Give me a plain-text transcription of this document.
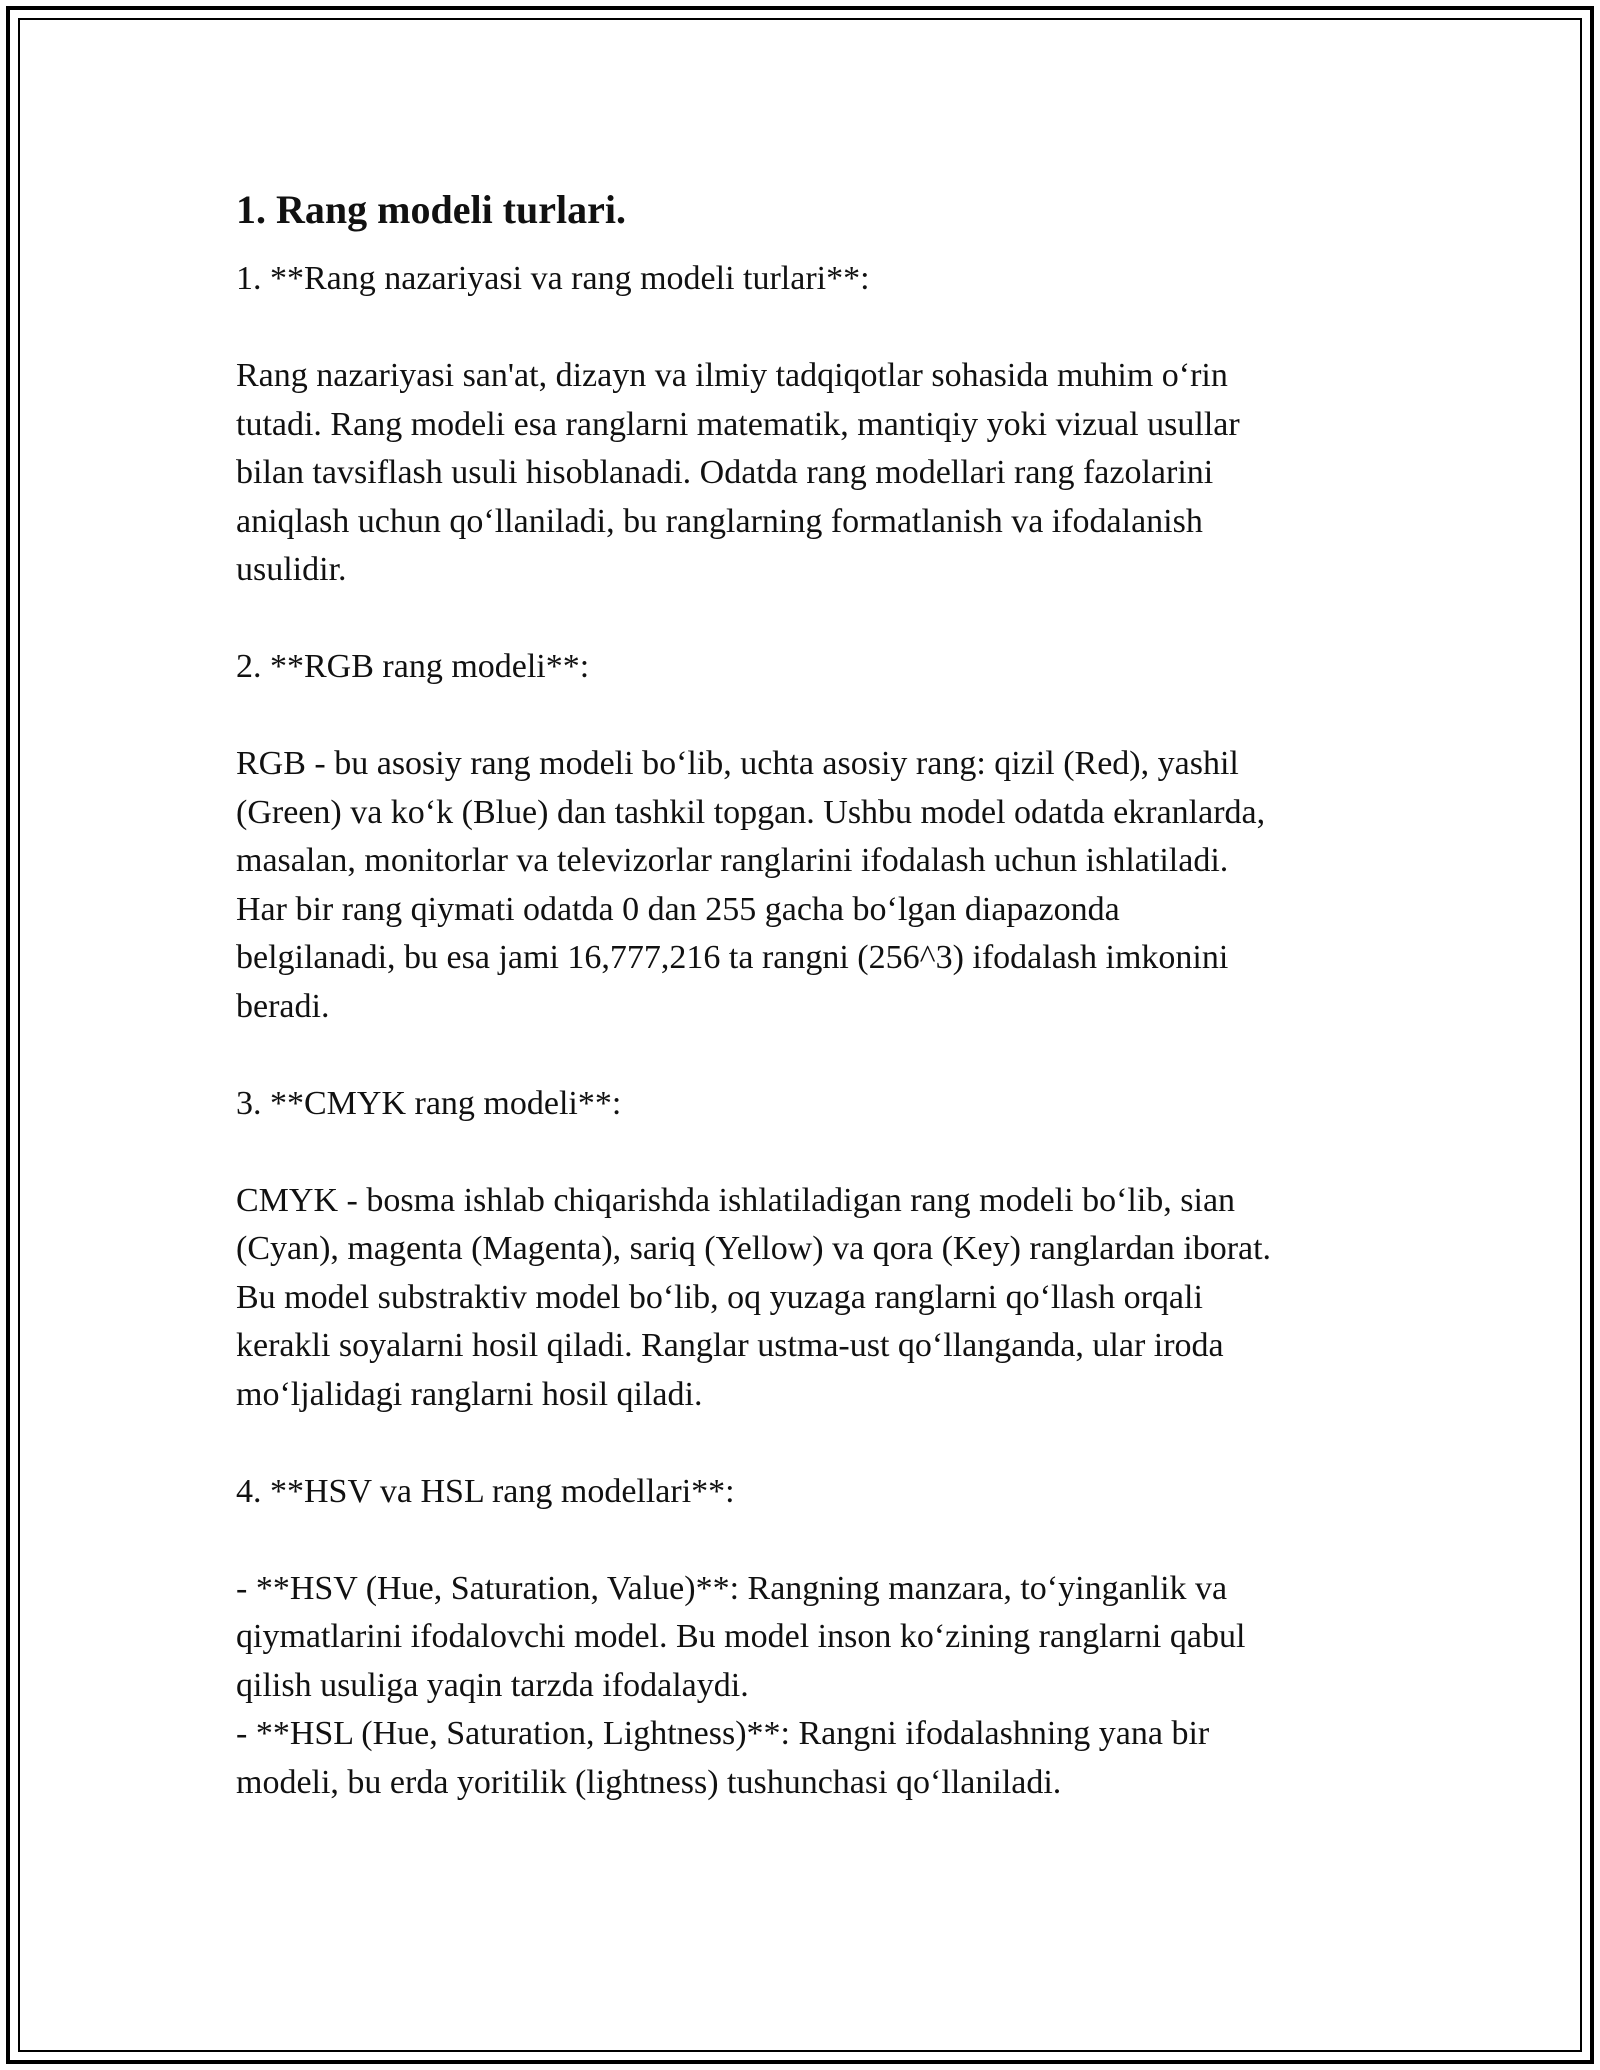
1. Rang modeli turlari.

1. **Rang nazariyasi va rang modeli turlari**:

Rang nazariyasi san'at, dizayn va ilmiy tadqiqotlar sohasida muhim o‘rin
tutadi. Rang modeli esa ranglarni matematik, mantiqiy yoki vizual usullar
bilan tavsiflash usuli hisoblanadi. Odatda rang modellari rang fazolarini
aniqlash uchun qo‘llaniladi, bu ranglarning formatlanish va ifodalanish
usulidir.

2. **RGB rang modeli**:

RGB - bu asosiy rang modeli bo‘lib, uchta asosiy rang: qizil (Red), yashil
(Green) va ko‘k (Blue) dan tashkil topgan. Ushbu model odatda ekranlarda,
masalan, monitorlar va televizorlar ranglarini ifodalash uchun ishlatiladi.
Har bir rang qiymati odatda 0 dan 255 gacha bo‘lgan diapazonda
belgilanadi, bu esa jami 16,777,216 ta rangni (256^3) ifodalash imkonini
beradi.

3. **CMYK rang modeli**:

CMYK - bosma ishlab chiqarishda ishlatiladigan rang modeli bo‘lib, sian
(Cyan), magenta (Magenta), sariq (Yellow) va qora (Key) ranglardan iborat.
Bu model substraktiv model bo‘lib, oq yuzaga ranglarni qo‘llash orqali
kerakli soyalarni hosil qiladi. Ranglar ustma-ust qo‘llanganda, ular iroda
mo‘ljalidagi ranglarni hosil qiladi.

4. **HSV va HSL rang modellari**:

- **HSV (Hue, Saturation, Value)**: Rangning manzara, to‘yinganlik va
qiymatlarini ifodalovchi model. Bu model inson ko‘zining ranglarni qabul
qilish usuliga yaqin tarzda ifodalaydi.
- **HSL (Hue, Saturation, Lightness)**: Rangni ifodalashning yana bir
modeli, bu erda yoritilik (lightness) tushunchasi qo‘llaniladi.
